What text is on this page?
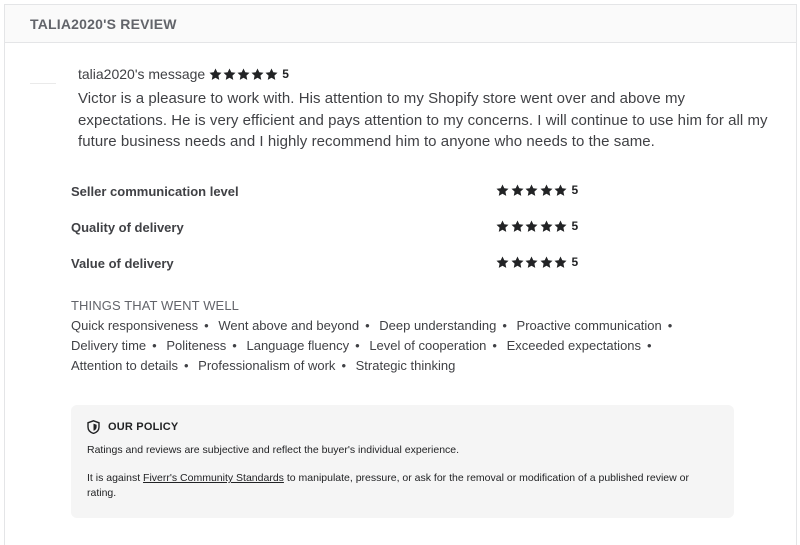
TALIA2020'S REVIEW
talia2020's message	5
Victor is a pleasure to work with. His attention to my Shopify store went over and above my expectations. He is very efficient and pays attention to my concerns. I will continue to use him for all my future business needs and I highly recommend him to anyone who needs to the same.
Seller communication level	5
Quality of delivery	5
Value of delivery	5
THINGS THAT WENT WELL
Quick responsiveness • Went above and beyond • Deep understanding • Proactive communication • Delivery time • Politeness • Language fluency • Level of cooperation • Exceeded expectations • Attention to details • Professionalism of work • Strategic thinking
OUR POLICY
Ratings and reviews are subjective and reflect the buyer's individual experience.
It is against Fiverr's Community Standards to manipulate, pressure, or ask for the removal or modification of a published review or rating.
